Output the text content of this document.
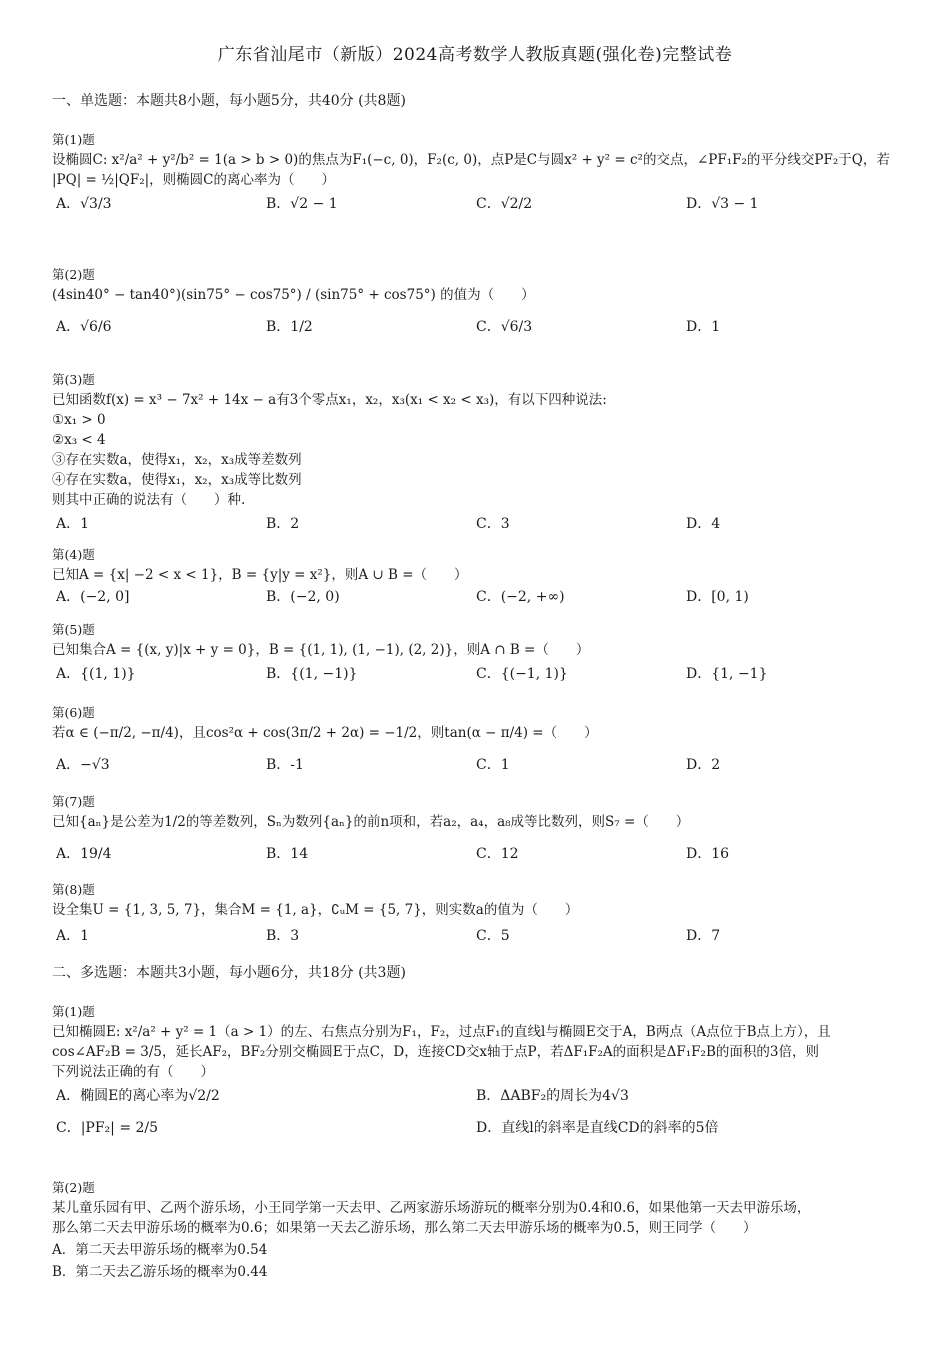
广东省汕尾市（新版）2024高考数学人教版真题(强化卷)完整试卷
一、单选题：本题共8小题，每小题5分，共40分 (共8题)
第(1)题
设椭圆C: x²/a² + y²/b² = 1(a > b > 0)的焦点为F₁(−c, 0)，F₂(c, 0)，点P是C与圆x² + y² = c²的交点，∠PF₁F₂的平分线交PF₂于Q，若
|PQ| = ½|QF₂|，则椭圆C的离心率为（　　）
A．√3/3	B．√2 − 1	C．√2/2	D．√3 − 1
第(2)题
(4sin40° − tan40°)(sin75° − cos75°) / (sin75° + cos75°) 的值为（　　）
A．√6/6	B．1/2	C．√6/3	D．1
第(3)题
已知函数f(x) = x³ − 7x² + 14x − a有3个零点x₁，x₂，x₃(x₁ < x₂ < x₃)，有以下四种说法:
①x₁ > 0
②x₃ < 4
③存在实数a，使得x₁，x₂，x₃成等差数列
④存在实数a，使得x₁，x₂，x₃成等比数列
则其中正确的说法有（　　）种.
A．1	B．2	C．3	D．4
第(4)题
已知A = {x| −2 < x < 1}，B = {y|y = x²}，则A ∪ B =（　　）
A．(−2, 0]	B．(−2, 0)	C．(−2, +∞)	D．[0, 1)
第(5)题
已知集合A = {(x, y)|x + y = 0}，B = {(1, 1), (1, −1), (2, 2)}，则A ∩ B =（　　）
A．{(1, 1)}	B．{(1, −1)}	C．{(−1, 1)}	D．{1, −1}
第(6)题
若α ∈ (−π/2, −π/4)，且cos²α + cos(3π/2 + 2α) = −1/2，则tan(α − π/4) =（　　）
A．−√3	B．-1	C．1	D．2
第(7)题
已知{aₙ}是公差为1/2的等差数列，Sₙ为数列{aₙ}的前n项和，若a₂，a₄，a₈成等比数列，则S₇ =（　　）
A．19/4	B．14	C．12	D．16
第(8)题
设全集U = {1, 3, 5, 7}，集合M = {1, a}，∁ᵤM = {5, 7}，则实数a的值为（　　）
A．1	B．3	C．5	D．7
二、多选题：本题共3小题，每小题6分，共18分 (共3题)
第(1)题
已知椭圆E: x²/a² + y² = 1（a > 1）的左、右焦点分别为F₁，F₂，过点F₁的直线l与椭圆E交于A，B两点（A点位于B点上方），且
cos∠AF₂B = 3/5，延长AF₂，BF₂分别交椭圆E于点C，D，连接CD交x轴于点P，若ΔF₁F₂A的面积是ΔF₁F₂B的面积的3倍，则
下列说法正确的有（　　）
A．椭圆E的离心率为√2/2	B．ΔABF₂的周长为4√3
C．|PF₂| = 2/5	D．直线l的斜率是直线CD的斜率的5倍
第(2)题
某儿童乐园有甲、乙两个游乐场，小王同学第一天去甲、乙两家游乐场游玩的概率分别为0.4和0.6，如果他第一天去甲游乐场，
那么第二天去甲游乐场的概率为0.6；如果第一天去乙游乐场，那么第二天去甲游乐场的概率为0.5，则王同学（　　）
A．第二天去甲游乐场的概率为0.54
B．第二天去乙游乐场的概率为0.44
